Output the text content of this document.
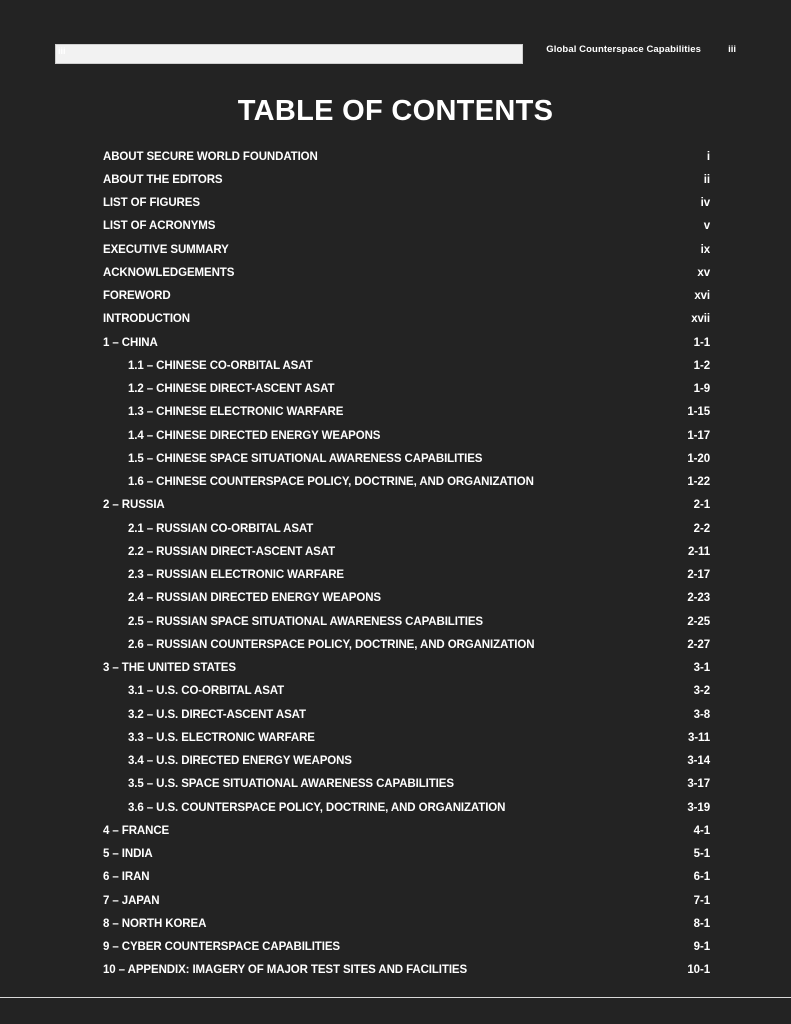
iii	Global Counterspace Capabilities	iii
TABLE OF CONTENTS
ABOUT SECURE WORLD FOUNDATION	i
ABOUT THE EDITORS	ii
LIST OF FIGURES	iv
LIST OF ACRONYMS	v
EXECUTIVE SUMMARY	ix
ACKNOWLEDGEMENTS	xv
FOREWORD	xvi
INTRODUCTION	xvii
1 – CHINA	1-1
1.1 – CHINESE CO-ORBITAL ASAT	1-2
1.2 – CHINESE DIRECT-ASCENT ASAT	1-9
1.3 – CHINESE ELECTRONIC WARFARE	1-15
1.4 – CHINESE DIRECTED ENERGY WEAPONS	1-17
1.5 – CHINESE SPACE SITUATIONAL AWARENESS CAPABILITIES	1-20
1.6 – CHINESE COUNTERSPACE POLICY, DOCTRINE, AND ORGANIZATION	1-22
2 – RUSSIA	2-1
2.1 – RUSSIAN CO-ORBITAL ASAT	2-2
2.2 – RUSSIAN DIRECT-ASCENT ASAT	2-11
2.3 – RUSSIAN ELECTRONIC WARFARE	2-17
2.4 – RUSSIAN DIRECTED ENERGY WEAPONS	2-23
2.5 – RUSSIAN SPACE SITUATIONAL AWARENESS CAPABILITIES	2-25
2.6 – RUSSIAN COUNTERSPACE POLICY, DOCTRINE, AND ORGANIZATION	2-27
3 – THE UNITED STATES	3-1
3.1 – U.S. CO-ORBITAL ASAT	3-2
3.2 – U.S. DIRECT-ASCENT ASAT	3-8
3.3 – U.S. ELECTRONIC WARFARE	3-11
3.4 – U.S. DIRECTED ENERGY WEAPONS	3-14
3.5 – U.S. SPACE SITUATIONAL AWARENESS CAPABILITIES	3-17
3.6 – U.S. COUNTERSPACE POLICY, DOCTRINE, AND ORGANIZATION	3-19
4 – FRANCE	4-1
5 – INDIA	5-1
6 – IRAN	6-1
7 – JAPAN	7-1
8 – NORTH KOREA	8-1
9 – CYBER COUNTERSPACE CAPABILITIES	9-1
10 – APPENDIX: IMAGERY OF MAJOR TEST SITES AND FACILITIES	10-1
